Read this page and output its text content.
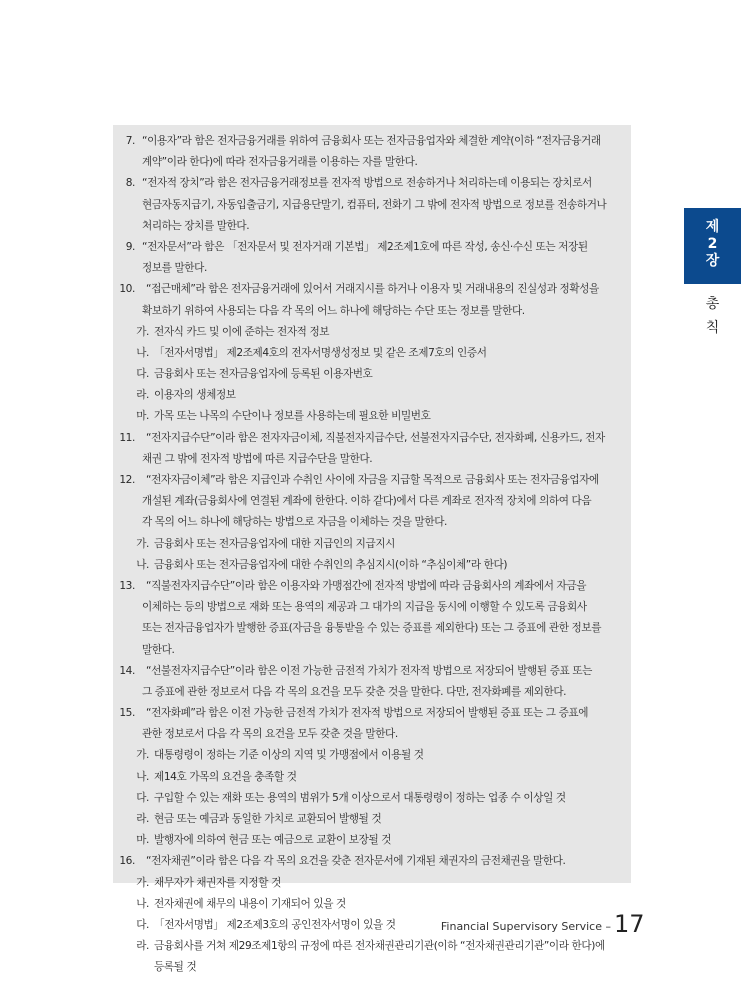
7. “이용자”라 함은 전자금융거래를 위하여 금융회사 또는 전자금융업자와 체결한 계약(이하 “전자금융거래
계약”이라 한다)에 따라 전자금융거래를 이용하는 자를 말한다.
8. “전자적 장치”라 함은 전자금융거래정보를 전자적 방법으로 전송하거나 처리하는데 이용되는 장치로서
현금자동지급기, 자동입출금기, 지급용단말기, 컴퓨터, 전화기 그 밖에 전자적 방법으로 정보를 전송하거나
처리하는 장치를 말한다.
9. “전자문서”라 함은 「전자문서 및 전자거래 기본법」 제2조제1호에 따른 작성, 송신·수신 또는 저장된
정보를 말한다.
10. “접근매체”라 함은 전자금융거래에 있어서 거래지시를 하거나 이용자 및 거래내용의 진실성과 정확성을
확보하기 위하여 사용되는 다음 각 목의 어느 하나에 해당하는 수단 또는 정보를 말한다.
가. 전자식 카드 및 이에 준하는 전자적 정보
나. 「전자서명법」 제2조제4호의 전자서명생성정보 및 같은 조제7호의 인증서
다. 금융회사 또는 전자금융업자에 등록된 이용자번호
라. 이용자의 생체정보
마. 가목 또는 나목의 수단이나 정보를 사용하는데 필요한 비밀번호
11. “전자지급수단”이라 함은 전자자금이체, 직불전자지급수단, 선불전자지급수단, 전자화폐, 신용카드, 전자
채권 그 밖에 전자적 방법에 따른 지급수단을 말한다.
12. “전자자금이체”라 함은 지급인과 수취인 사이에 자금을 지급할 목적으로 금융회사 또는 전자금융업자에
개설된 계좌(금융회사에 연결된 계좌에 한한다. 이하 같다)에서 다른 계좌로 전자적 장치에 의하여 다음
각 목의 어느 하나에 해당하는 방법으로 자금을 이체하는 것을 말한다.
가. 금융회사 또는 전자금융업자에 대한 지급인의 지급지시
나. 금융회사 또는 전자금융업자에 대한 수취인의 추심지시(이하 “추심이체”라 한다)
13. “직불전자지급수단”이라 함은 이용자와 가맹점간에 전자적 방법에 따라 금융회사의 계좌에서 자금을
이체하는 등의 방법으로 재화 또는 용역의 제공과 그 대가의 지급을 동시에 이행할 수 있도록 금융회사
또는 전자금융업자가 발행한 증표(자금을 융통받을 수 있는 증표를 제외한다) 또는 그 증표에 관한 정보를
말한다.
14. “선불전자지급수단”이라 함은 이전 가능한 금전적 가치가 전자적 방법으로 저장되어 발행된 증표 또는
그 증표에 관한 정보로서 다음 각 목의 요건을 모두 갖춘 것을 말한다. 다만, 전자화폐를 제외한다.
15. “전자화폐”라 함은 이전 가능한 금전적 가치가 전자적 방법으로 저장되어 발행된 증표 또는 그 증표에
관한 정보로서 다음 각 목의 요건을 모두 갖춘 것을 말한다.
가. 대통령령이 정하는 기준 이상의 지역 및 가맹점에서 이용될 것
나. 제14호 가목의 요건을 충족할 것
다. 구입할 수 있는 재화 또는 용역의 범위가 5개 이상으로서 대통령령이 정하는 업종 수 이상일 것
라. 현금 또는 예금과 동일한 가치로 교환되어 발행될 것
마. 발행자에 의하여 현금 또는 예금으로 교환이 보장될 것
16. “전자채권”이라 함은 다음 각 목의 요건을 갖춘 전자문서에 기재된 채권자의 금전채권을 말한다.
가. 채무자가 채권자를 지정할 것
나. 전자채권에 채무의 내용이 기재되어 있을 것
다. 「전자서명법」 제2조제3호의 공인전자서명이 있을 것
라. 금융회사를 거쳐 제29조제1항의 규정에 따른 전자채권관리기관(이하 “전자채권관리기관”이라 한다)에
등록될 것
제
2
장
총
칙
Financial Supervisory Service – 17
